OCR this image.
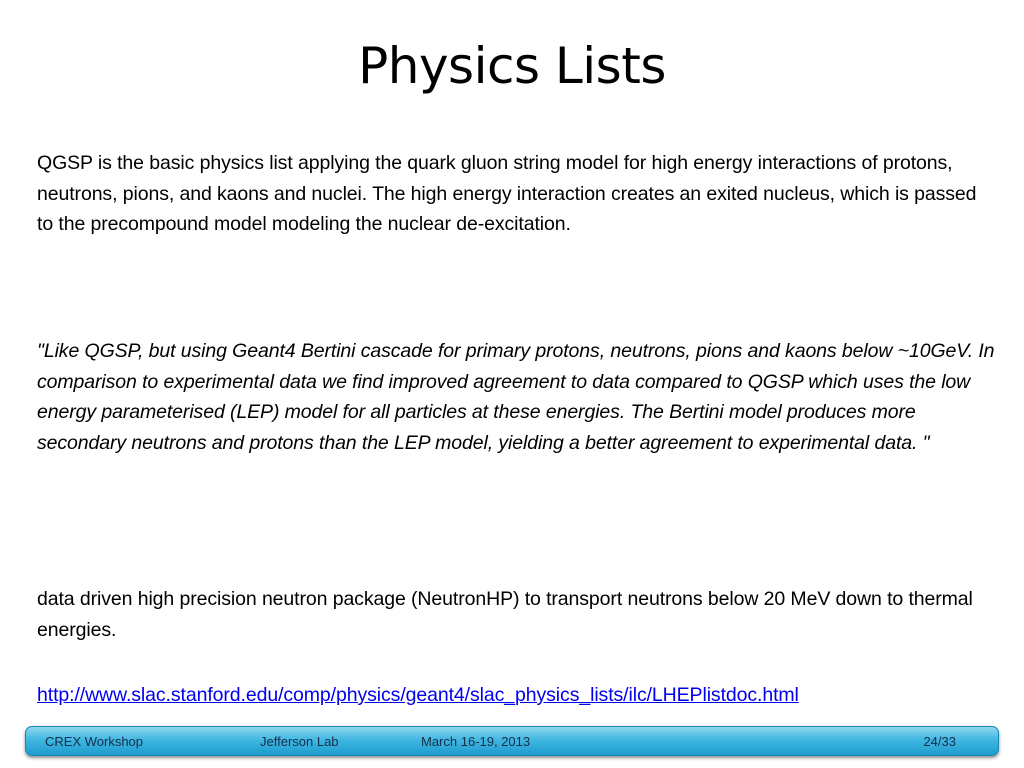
Physics Lists

QGSP is the basic physics list applying the quark gluon string model for high energy interactions of protons, neutrons, pions, and kaons and nuclei. The high energy interaction creates an exited nucleus, which is passed to the precompound model modeling the nuclear de-excitation.

"Like QGSP, but using Geant4 Bertini cascade for primary protons, neutrons, pions and kaons below ~10GeV. In comparison to experimental data we find improved agreement to data compared to QGSP which uses the low energy parameterised (LEP) model for all particles at these energies. The Bertini model produces more secondary neutrons and protons than the LEP model, yielding a better agreement to experimental data. "

data driven high precision neutron package (NeutronHP) to transport neutrons below 20 MeV down to thermal energies.

http://www.slac.stanford.edu/comp/physics/geant4/slac_physics_lists/ilc/LHEPlistdoc.html
CREX Workshop	Jefferson Lab	March 16-19, 2013	24/33
